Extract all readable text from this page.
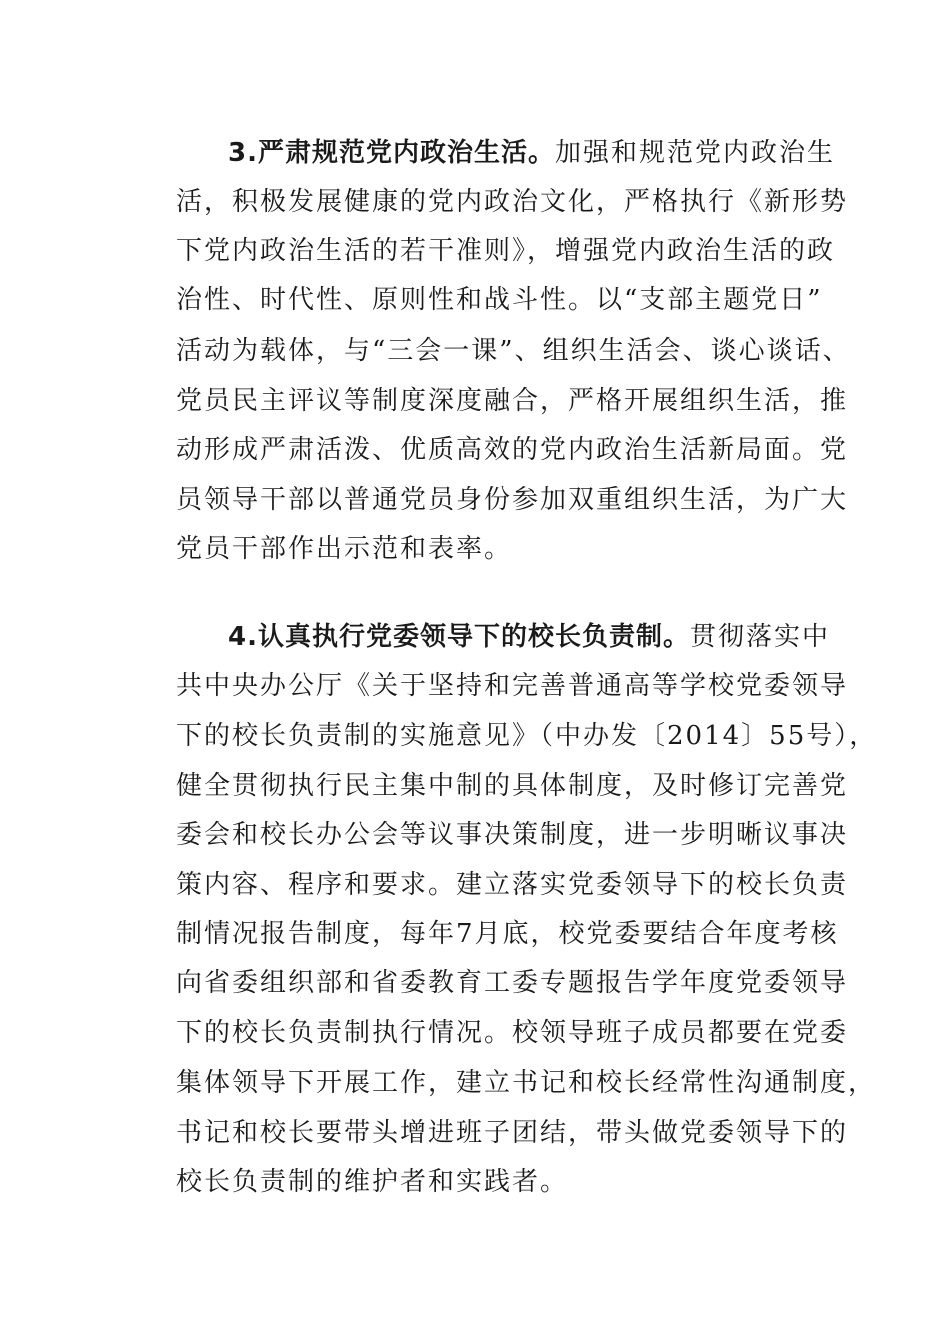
3.严肃规范党内政治生活。加强和规范党内政治生
活，积极发展健康的党内政治文化，严格执行《新形势
下党内政治生活的若干准则》，增强党内政治生活的政
治性、时代性、原则性和战斗性。以“支部主题党日”
活动为载体，与“三会一课”、组织生活会、谈心谈话、
党员民主评议等制度深度融合，严格开展组织生活，推
动形成严肃活泼、优质高效的党内政治生活新局面。党
员领导干部以普通党员身份参加双重组织生活，为广大
党员干部作出示范和表率。
4.认真执行党委领导下的校长负责制。贯彻落实中
共中央办公厅《关于坚持和完善普通高等学校党委领导
下的校长负责制的实施意见》（中办发〔2014〕55号），
健全贯彻执行民主集中制的具体制度，及时修订完善党
委会和校长办公会等议事决策制度，进一步明晰议事决
策内容、程序和要求。建立落实党委领导下的校长负责
制情况报告制度，每年7月底，校党委要结合年度考核
向省委组织部和省委教育工委专题报告学年度党委领导
下的校长负责制执行情况。校领导班子成员都要在党委
集体领导下开展工作，建立书记和校长经常性沟通制度，
书记和校长要带头增进班子团结，带头做党委领导下的
校长负责制的维护者和实践者。
